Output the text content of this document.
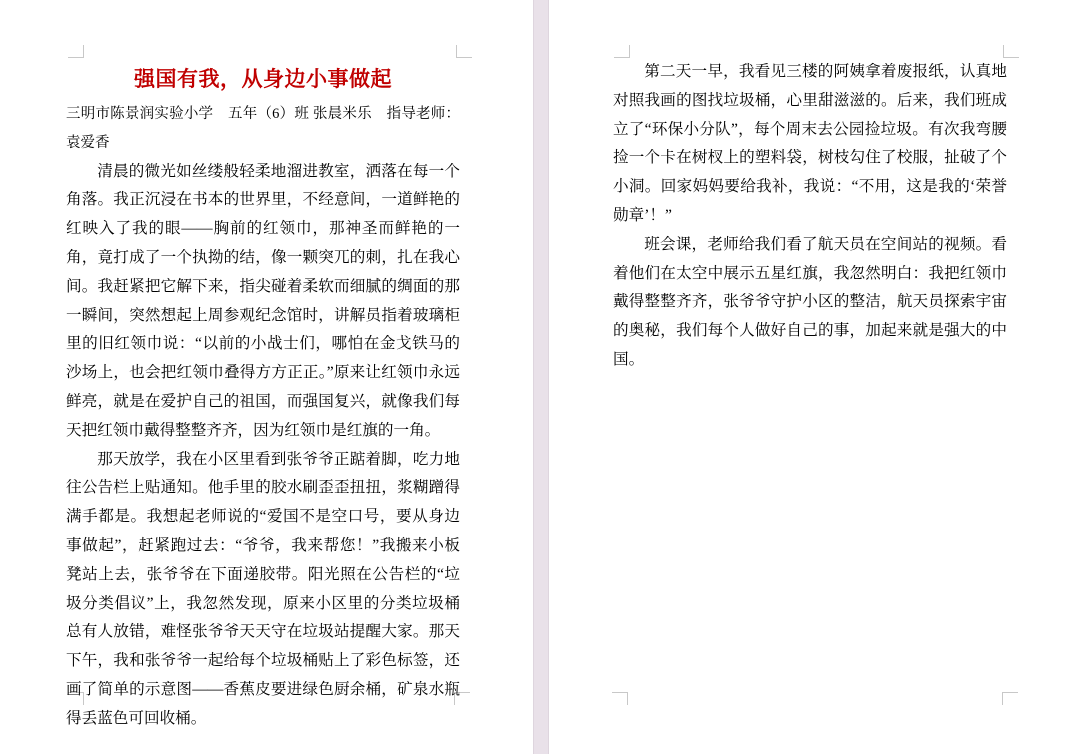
强国有我，从身边小事做起

三明市陈景润实验小学　五年（6）班 张晨米乐　指导老师：袁爱香

清晨的微光如丝缕般轻柔地溜进教室，洒落在每一个角落。我正沉浸在书本的世界里，不经意间，一道鲜艳的红映入了我的眼——胸前的红领巾，那神圣而鲜艳的一角，竟打成了一个执拗的结，像一颗突兀的刺，扎在我心间。我赶紧把它解下来，指尖碰着柔软而细腻的绸面的那一瞬间，突然想起上周参观纪念馆时，讲解员指着玻璃柜里的旧红领巾说：“以前的小战士们，哪怕在金戈铁马的沙场上，也会把红领巾叠得方方正正。”原来让红领巾永远鲜亮，就是在爱护自己的祖国，而强国复兴，就像我们每天把红领巾戴得整整齐齐，因为红领巾是红旗的一角。

那天放学，我在小区里看到张爷爷正踮着脚，吃力地往公告栏上贴通知。他手里的胶水刷歪歪扭扭，浆糊蹭得满手都是。我想起老师说的“爱国不是空口号，要从身边事做起”，赶紧跑过去：“爷爷，我来帮您！”我搬来小板凳站上去，张爷爷在下面递胶带。阳光照在公告栏的“垃圾分类倡议”上，我忽然发现，原来小区里的分类垃圾桶总有人放错，难怪张爷爷天天守在垃圾站提醒大家。那天下午，我和张爷爷一起给每个垃圾桶贴上了彩色标签，还画了简单的示意图——香蕉皮要进绿色厨余桶，矿泉水瓶得丢蓝色可回收桶。

第二天一早，我看见三楼的阿姨拿着废报纸，认真地对照我画的图找垃圾桶，心里甜滋滋的。后来，我们班成立了“环保小分队”，每个周末去公园捡垃圾。有次我弯腰捡一个卡在树杈上的塑料袋，树枝勾住了校服，扯破了个小洞。回家妈妈要给我补，我说：“不用，这是我的‘荣誉勋章’！”

班会课，老师给我们看了航天员在空间站的视频。看着他们在太空中展示五星红旗，我忽然明白：我把红领巾戴得整整齐齐，张爷爷守护小区的整洁，航天员探索宇宙的奥秘，我们每个人做好自己的事，加起来就是强大的中国。
